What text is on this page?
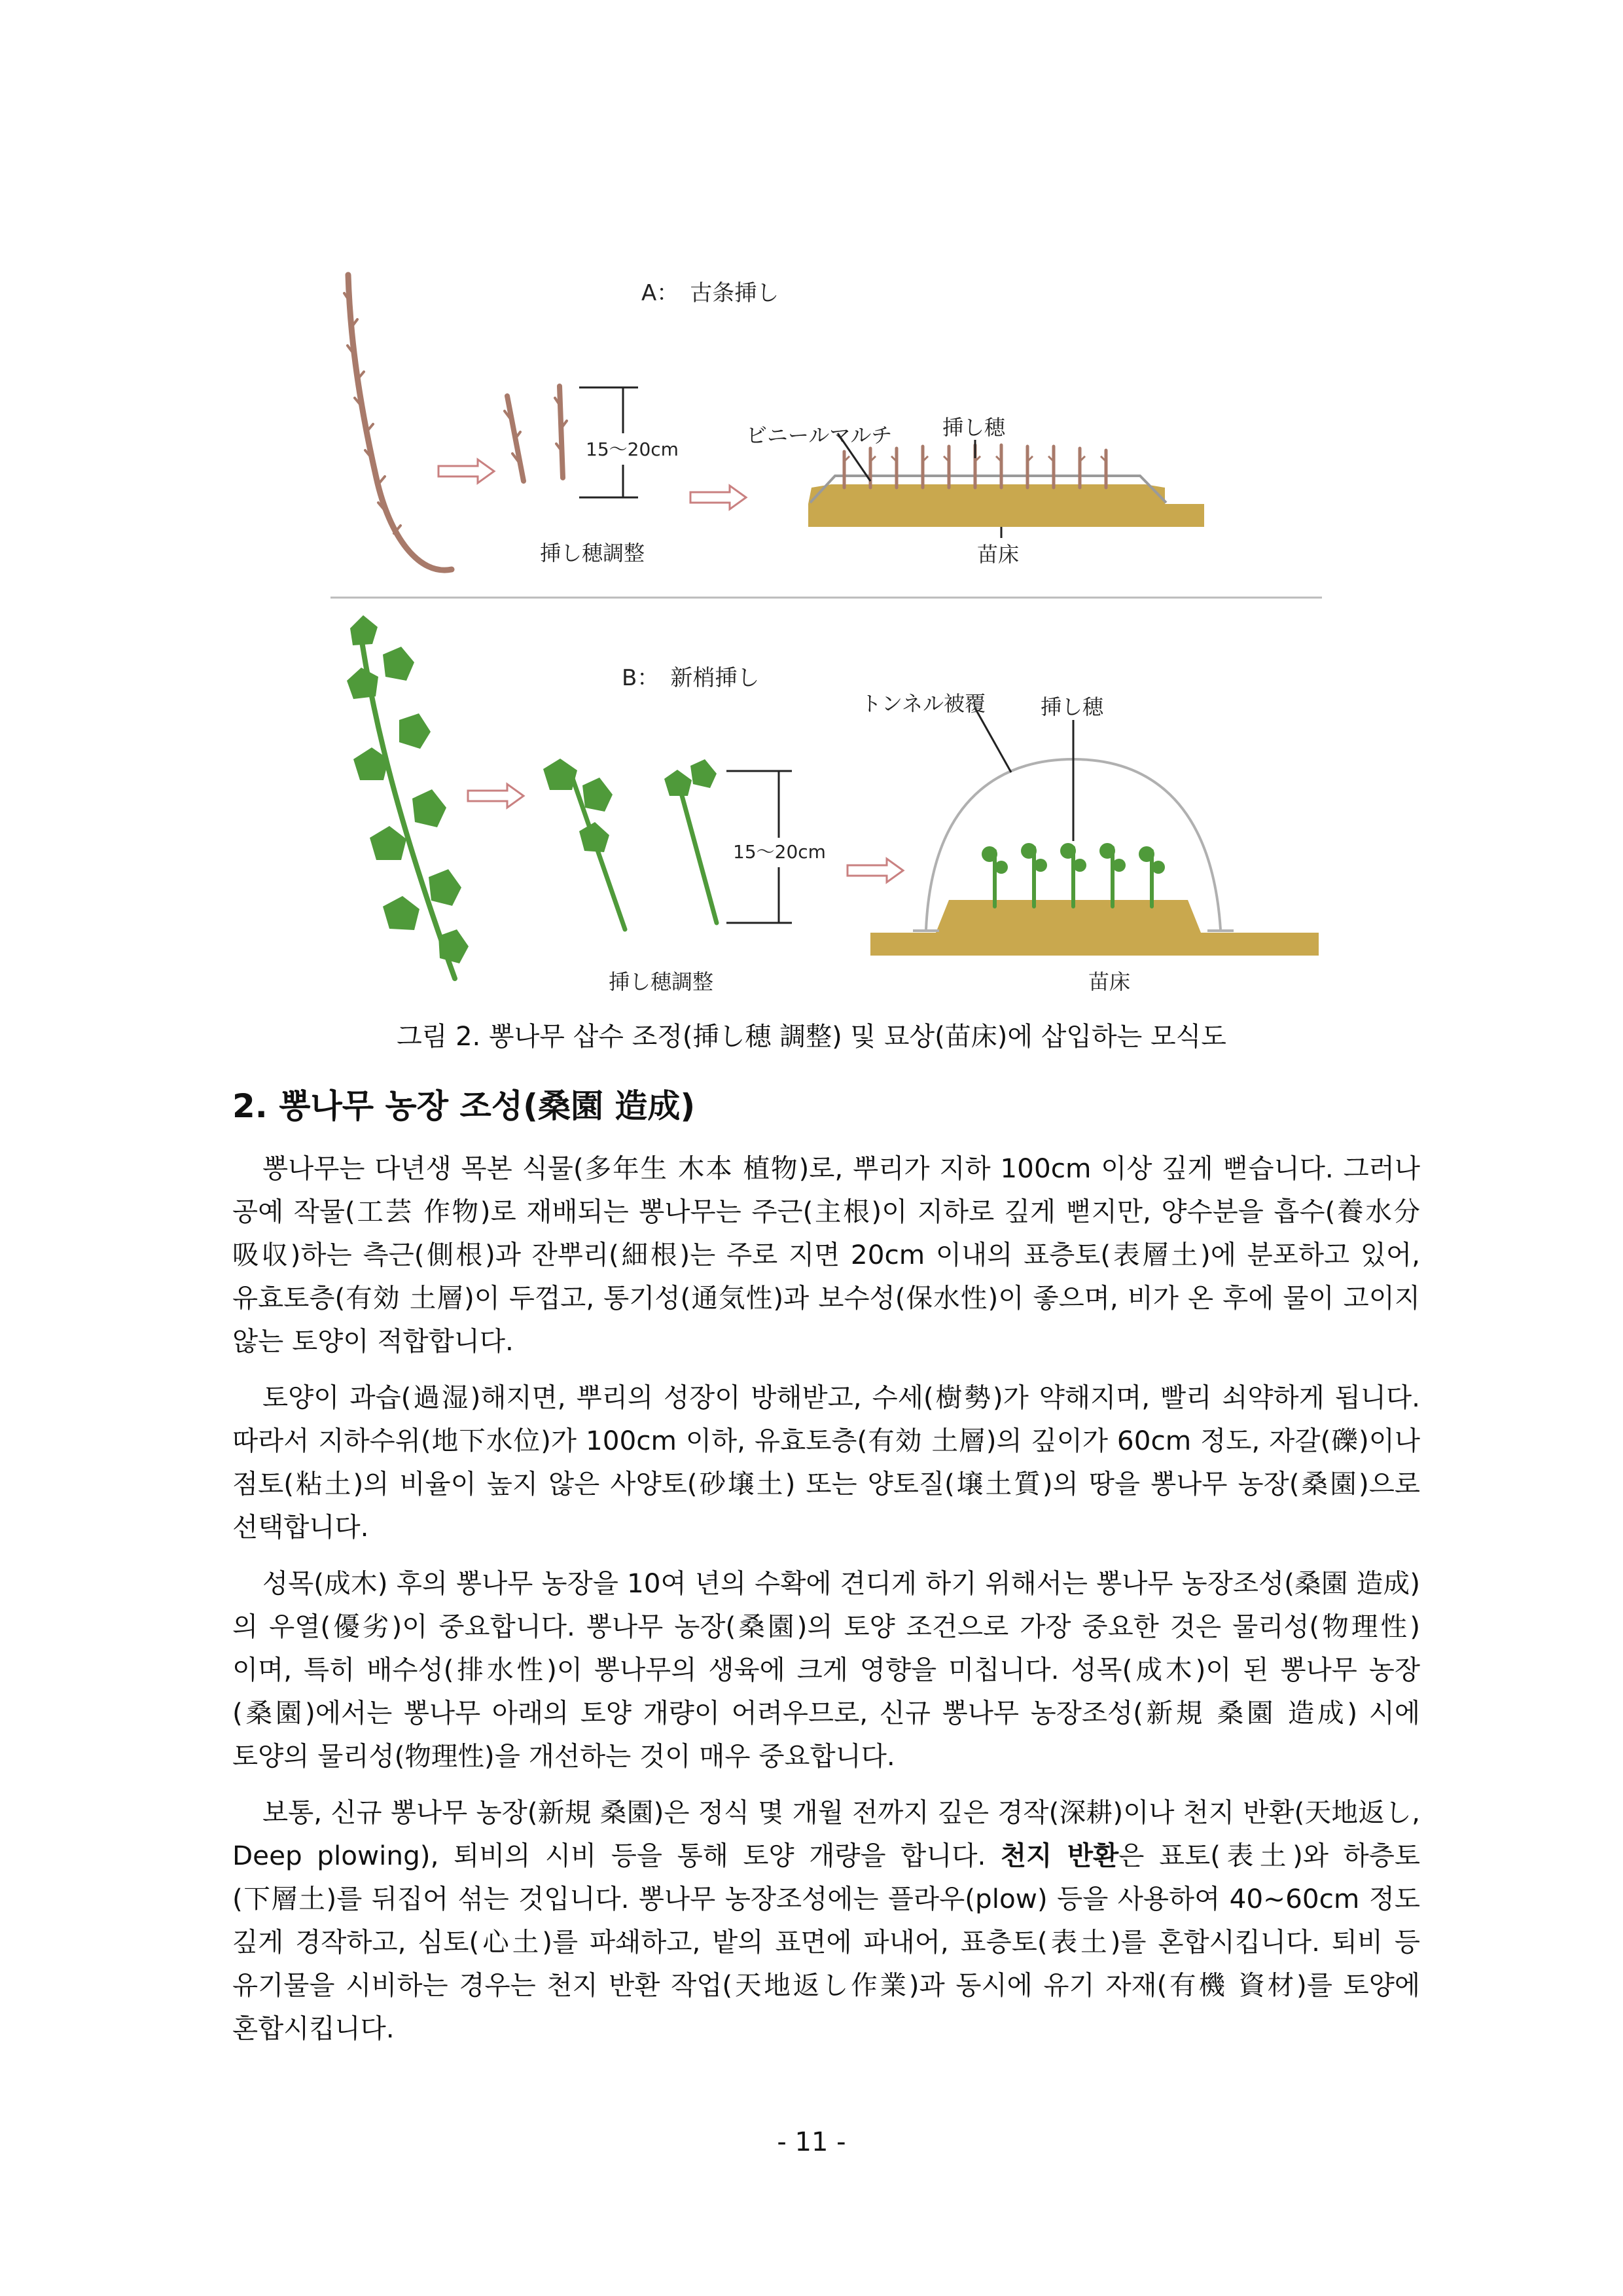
A：　古条挿し
15～20cm
挿し穂調整
ビニールマルチ 挿し穂
苗床
B：　新梢挿し
15～20cm
挿し穂調整
トンネル被覆	挿し穂
苗床
그림 2. 뽕나무 삽수 조정(挿し穂 調整) 및 묘상(苗床)에 삽입하는 모식도
2. 뽕나무 농장 조성(桑園 造成)

뽕나무는 다년생 목본 식물(多年生 木本 植物)로, 뿌리가 지하 100cm 이상 깊게 뻗습니다. 그러나 공예 작물(工芸 作物)로 재배되는 뽕나무는 주근(主根)이 지하로 깊게 뻗지만, 양수분을 흡수(養水分 吸収)하는 측근(側根)과 잔뿌리(細根)는 주로 지면 20cm 이내의 표층토(表層土)에 분포하고 있어, 유효토층(有効 土層)이 두껍고, 통기성(通気性)과 보수성(保水性)이 좋으며, 비가 온 후에 물이 고이지 않는 토양이 적합합니다.

토양이 과습(過湿)해지면, 뿌리의 성장이 방해받고, 수세(樹勢)가 약해지며, 빨리 쇠약하게 됩니다. 따라서 지하수위(地下水位)가 100cm 이하, 유효토층(有効 土層)의 깊이가 60cm 정도, 자갈(礫)이나 점토(粘土)의 비율이 높지 않은 사양토(砂壌土) 또는 양토질(壌土質)의 땅을 뽕나무 농장(桑園)으로 선택합니다.

성목(成木) 후의 뽕나무 농장을 10여 년의 수확에 견디게 하기 위해서는 뽕나무 농장조성(桑園 造成)의 우열(優劣)이 중요합니다. 뽕나무 농장(桑園)의 토양 조건으로 가장 중요한 것은 물리성(物理性)이며, 특히 배수성(排水性)이 뽕나무의 생육에 크게 영향을 미칩니다. 성목(成木)이 된 뽕나무 농장(桑園)에서는 뽕나무 아래의 토양 개량이 어려우므로, 신규 뽕나무 농장조성(新規 桑園 造成) 시에 토양의 물리성(物理性)을 개선하는 것이 매우 중요합니다.

보통, 신규 뽕나무 농장(新規 桑園)은 정식 몇 개월 전까지 깊은 경작(深耕)이나 천지 반환(天地返し, Deep plowing), 퇴비의 시비 등을 통해 토양 개량을 합니다. 천지 반환은 표토(表土)와 하층토(下層土)를 뒤집어 섞는 것입니다. 뽕나무 농장조성에는 플라우(plow) 등을 사용하여 40~60cm 정도 깊게 경작하고, 심토(心土)를 파쇄하고, 밭의 표면에 파내어, 표층토(表土)를 혼합시킵니다. 퇴비 등 유기물을 시비하는 경우는 천지 반환 작업(天地返し作業)과 동시에 유기 자재(有機 資材)를 토양에 혼합시킵니다.

- 11 -
